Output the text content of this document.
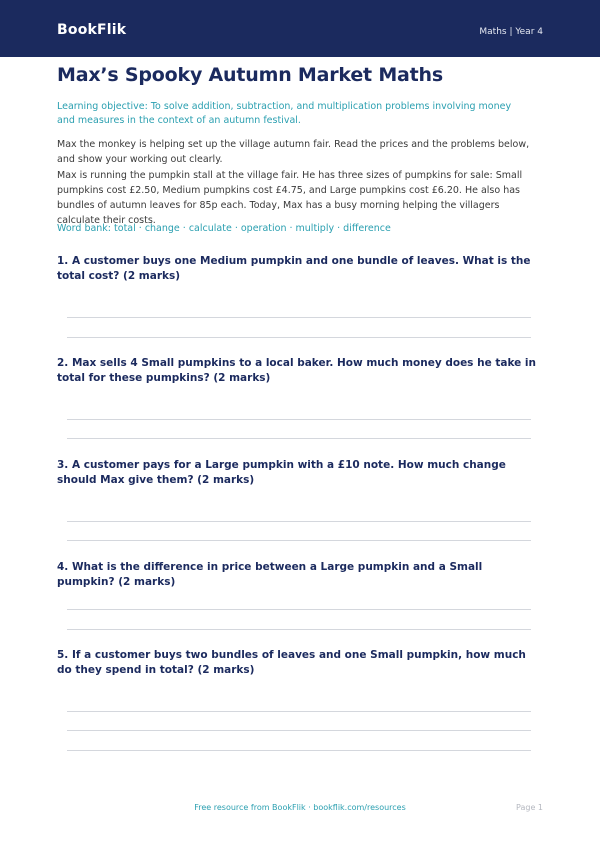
BookFlik	Maths | Year 4
Max’s Spooky Autumn Market Maths
Learning objective: To solve addition, subtraction, and multiplication problems involving money and measures in the context of an autumn festival.
Max the monkey is helping set up the village autumn fair. Read the prices and the problems below, and show your working out clearly.
Max is running the pumpkin stall at the village fair. He has three sizes of pumpkins for sale: Small pumpkins cost £2.50, Medium pumpkins cost £4.75, and Large pumpkins cost £6.20. He also has bundles of autumn leaves for 85p each. Today, Max has a busy morning helping the villagers calculate their costs.
Word bank: total · change · calculate · operation · multiply · difference
1. A customer buys one Medium pumpkin and one bundle of leaves. What is the total cost? (2 marks)
2. Max sells 4 Small pumpkins to a local baker. How much money does he take in total for these pumpkins? (2 marks)
3. A customer pays for a Large pumpkin with a £10 note. How much change should Max give them? (2 marks)
4. What is the difference in price between a Large pumpkin and a Small pumpkin? (2 marks)
5. If a customer buys two bundles of leaves and one Small pumpkin, how much do they spend in total? (2 marks)
Free resource from BookFlik · bookflik.com/resources	Page 1
